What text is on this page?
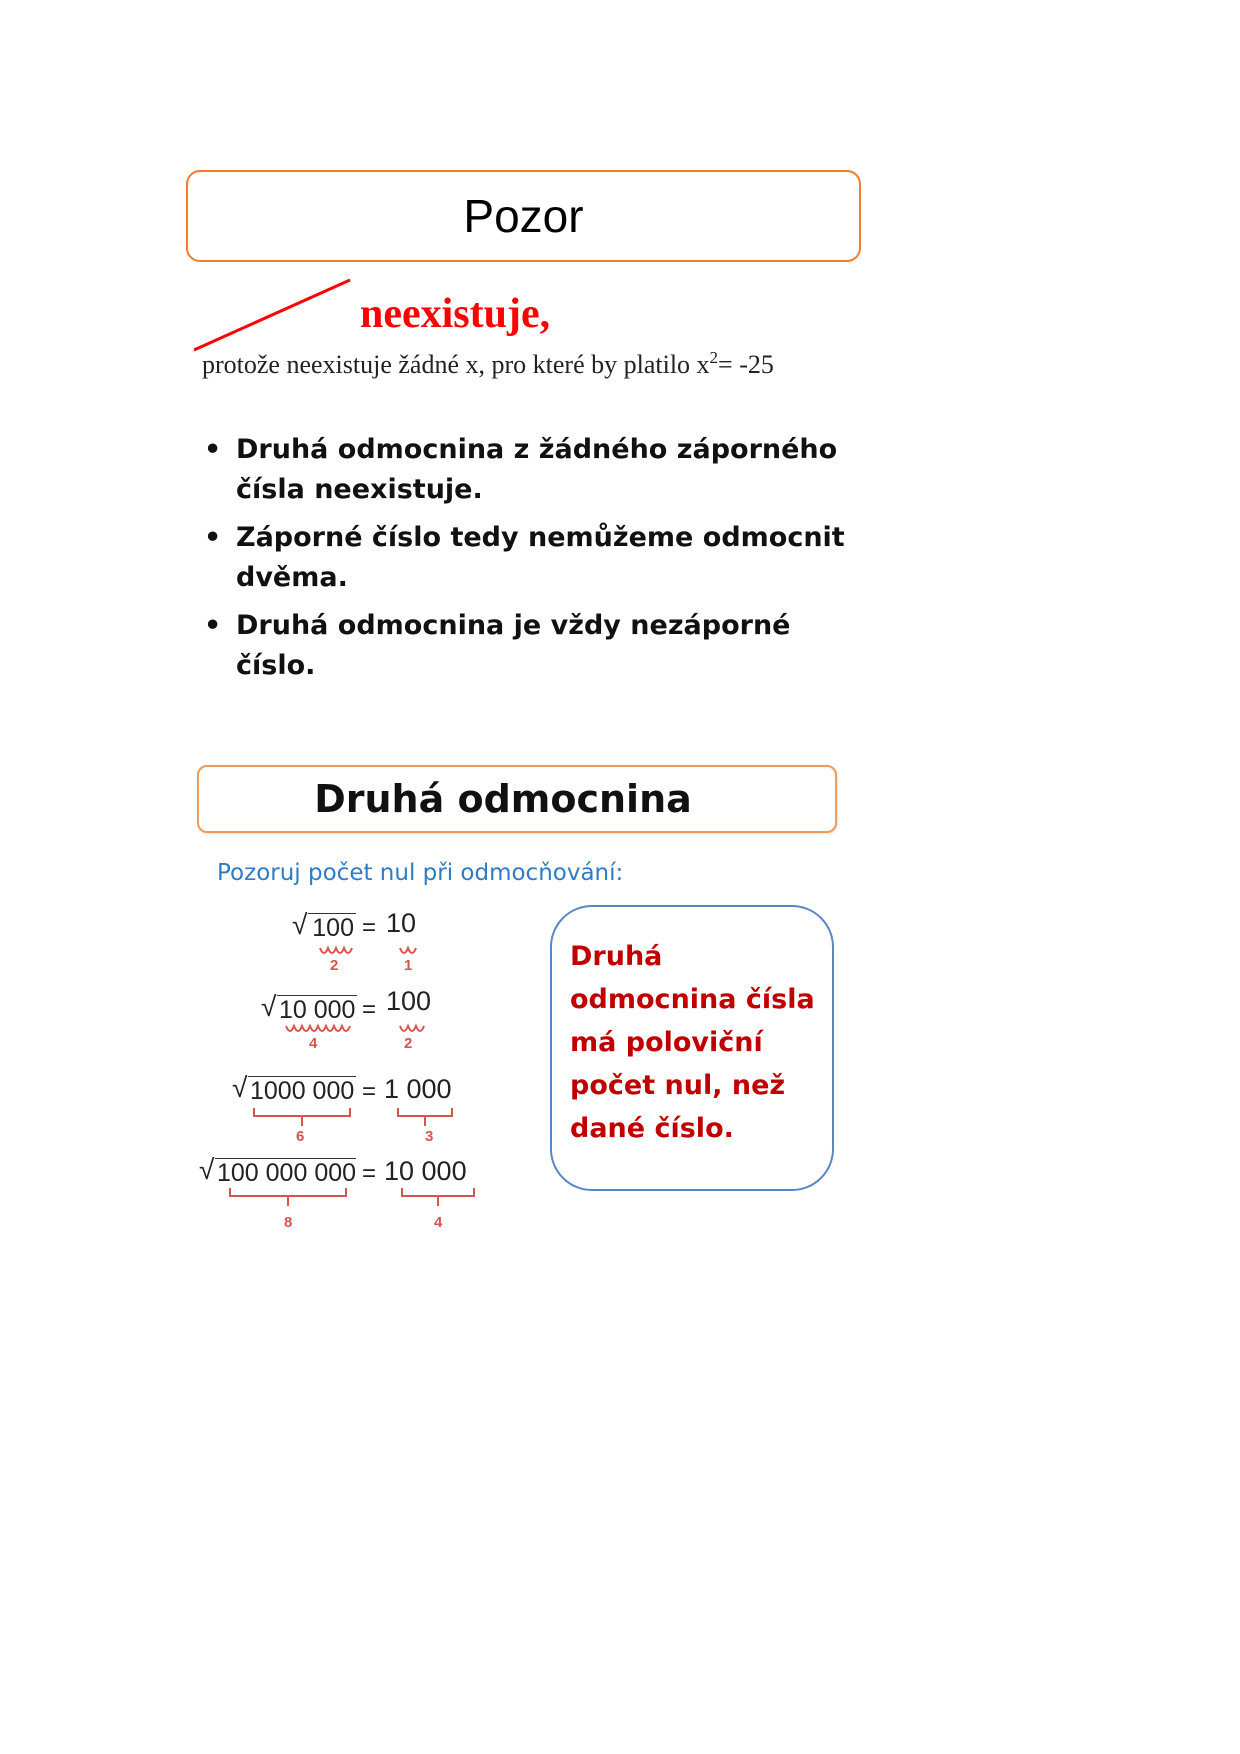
Pozor
neexistuje,
protože neexistuje žádné x, pro které by platilo $x^2= -25$
• Druhá odmocnina z žádného záporného čísla neexistuje.
• Záporné číslo tedy nemůžeme odmocnit dvěma.
• Druhá odmocnina je vždy nezáporné číslo.
Druhá odmocnina
Pozoruj počet nul při odmocňování:
√ 100 = 10
2	1
√ 10 000 = 100
4	2
√ 1000 000 = 1 000
6	3
√ 100 000 000 = 10 000
8	4
Druhá odmocnina čísla má poloviční počet nul, než dané číslo.
